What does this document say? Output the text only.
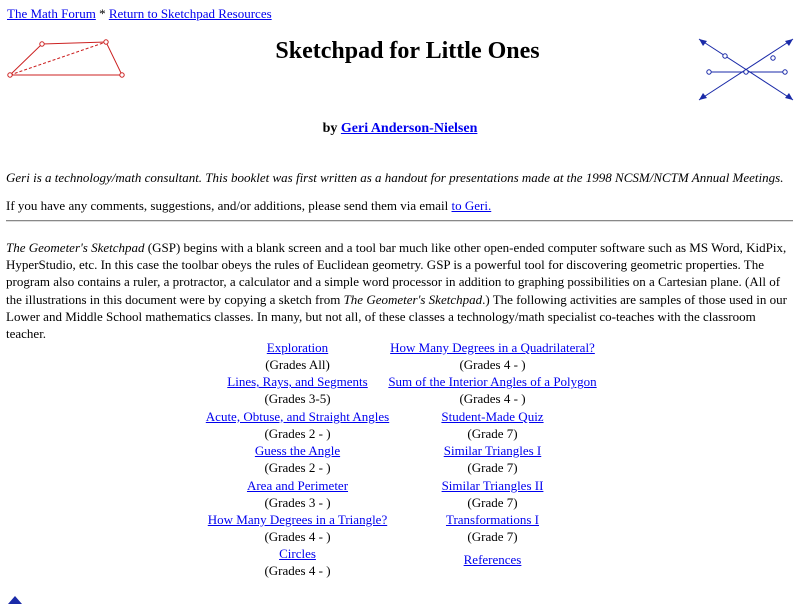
The Math Forum * Return to Sketchpad Resources
Sketchpad for Little Ones
by Geri Anderson-Nielsen
Geri is a technology/math consultant. This booklet was first written as a handout for presentations made at the 1998 NCSM/NCTM Annual Meetings.
If you have any comments, suggestions, and/or additions, please send them via email to Geri.
The Geometer's Sketchpad (GSP) begins with a blank screen and a tool bar much like other open-ended computer software such as MS Word, KidPix, HyperStudio, etc. In this case the toolbar obeys the rules of Euclidean geometry. GSP is a powerful tool for discovering geometric properties. The program also contains a ruler, a protractor, a calculator and a simple word processor in addition to graphing possibilities on a Cartesian plane. (All of the illustrations in this document were by copying a sketch from The Geometer's Sketchpad.) The following activities are samples of those used in our Lower and Middle School mathematics classes. In many, but not all, of these classes a technology/math specialist co-teaches with the classroom teacher.
Exploration
(Grades All)
Lines, Rays, and Segments
(Grades 3-5)
Acute, Obtuse, and Straight Angles
(Grades 2 - )
Guess the Angle
(Grades 2 - )
Area and Perimeter
(Grades 3 - )
How Many Degrees in a Triangle?
(Grades 4 - )
Circles
(Grades 4 - )
How Many Degrees in a Quadrilateral?
(Grades 4 - )
Sum of the Interior Angles of a Polygon
(Grades 4 - )
Student-Made Quiz
(Grade 7)
Similar Triangles I
(Grade 7)
Similar Triangles II
(Grade 7)
Transformations I
(Grade 7)
References
